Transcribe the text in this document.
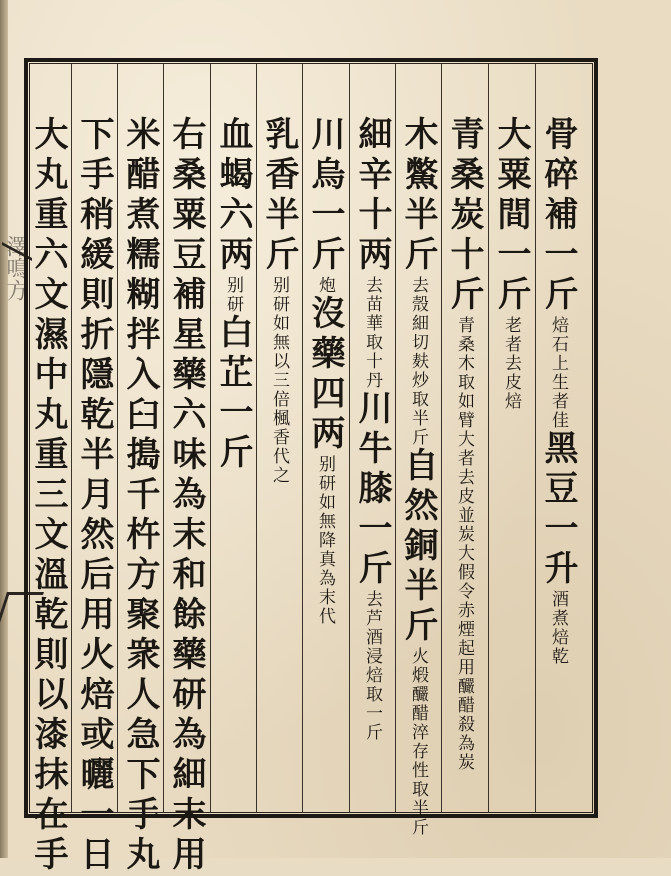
澤鳴方	骨碎補一斤
焙石上生者佳
黑豆一升
酒煮焙乾
大粟間一斤
老者去皮焙
青桑炭十斤
青桑木取如臂大者去皮並炭大假令赤煙起用釅醋殺為炭
木鱉半斤
去殼細切麸炒取半斤
自然銅半斤
火煅釅醋淬存性取半斤
細辛十两
去苗華取十丹
川牛膝一斤
去芦酒浸焙取一斤
川烏一斤
炮
沒藥四两
别研如無降真為末代
乳香半斤
别研如無以三倍楓香代之
血蝎六两
别研
白芷一斤
右桑粟豆補星藥六味為末和餘藥研為細末用
米醋煮糯糊拌入臼搗千杵方聚衆人急下手丸
下手稍緩則折隱乾半月然后用火焙或曬一日
大丸重六文濕中丸重三文溫乾則以漆抹在手
